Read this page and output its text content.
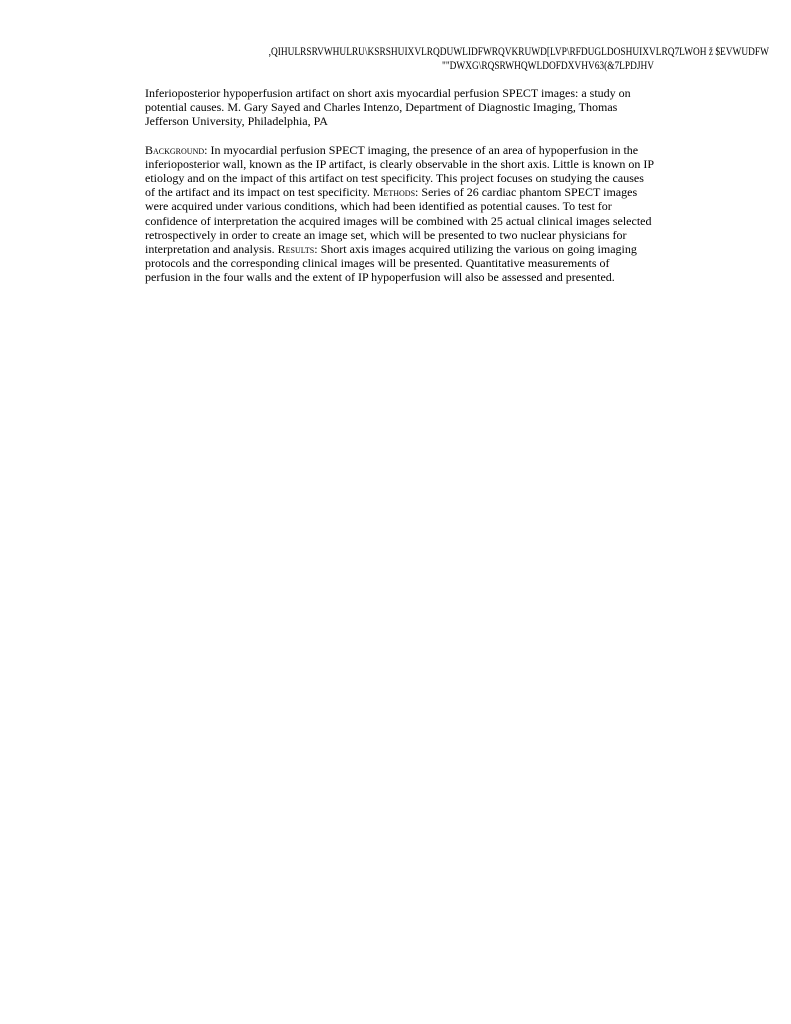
,QIHULRSRVWHULRU\KSRSHUIXVLRQDUWLIDFWRQVKRUWD[LVP\RFDUGLDOSHUIXVLRQ7LWOH ž $EVWUDFW
""DWXG\RQSRWHQWLDOFDXVHV63(&7LPDJHV

Inferioposterior hypoperfusion artifact on short axis myocardial perfusion SPECT images: a study on potential causes. M. Gary Sayed and Charles Intenzo, Department of Diagnostic Imaging, Thomas Jefferson University, Philadelphia, PA

Background: In myocardial perfusion SPECT imaging, the presence of an area of hypoperfusion in the inferioposterior wall, known as the IP artifact, is clearly observable in the short axis. Little is known on IP etiology and on the impact of this artifact on test specificity. This project focuses on studying the causes of the artifact and its impact on test specificity. Methods: Series of 26 cardiac phantom SPECT images were acquired under various conditions, which had been identified as potential causes. To test for confidence of interpretation the acquired images will be combined with 25 actual clinical images selected retrospectively in order to create an image set, which will be presented to two nuclear physicians for interpretation and analysis. Results: Short axis images acquired utilizing the various on going imaging protocols and the corresponding clinical images will be presented. Quantitative measurements of perfusion in the four walls and the extent of IP hypoperfusion will also be assessed and presented.
